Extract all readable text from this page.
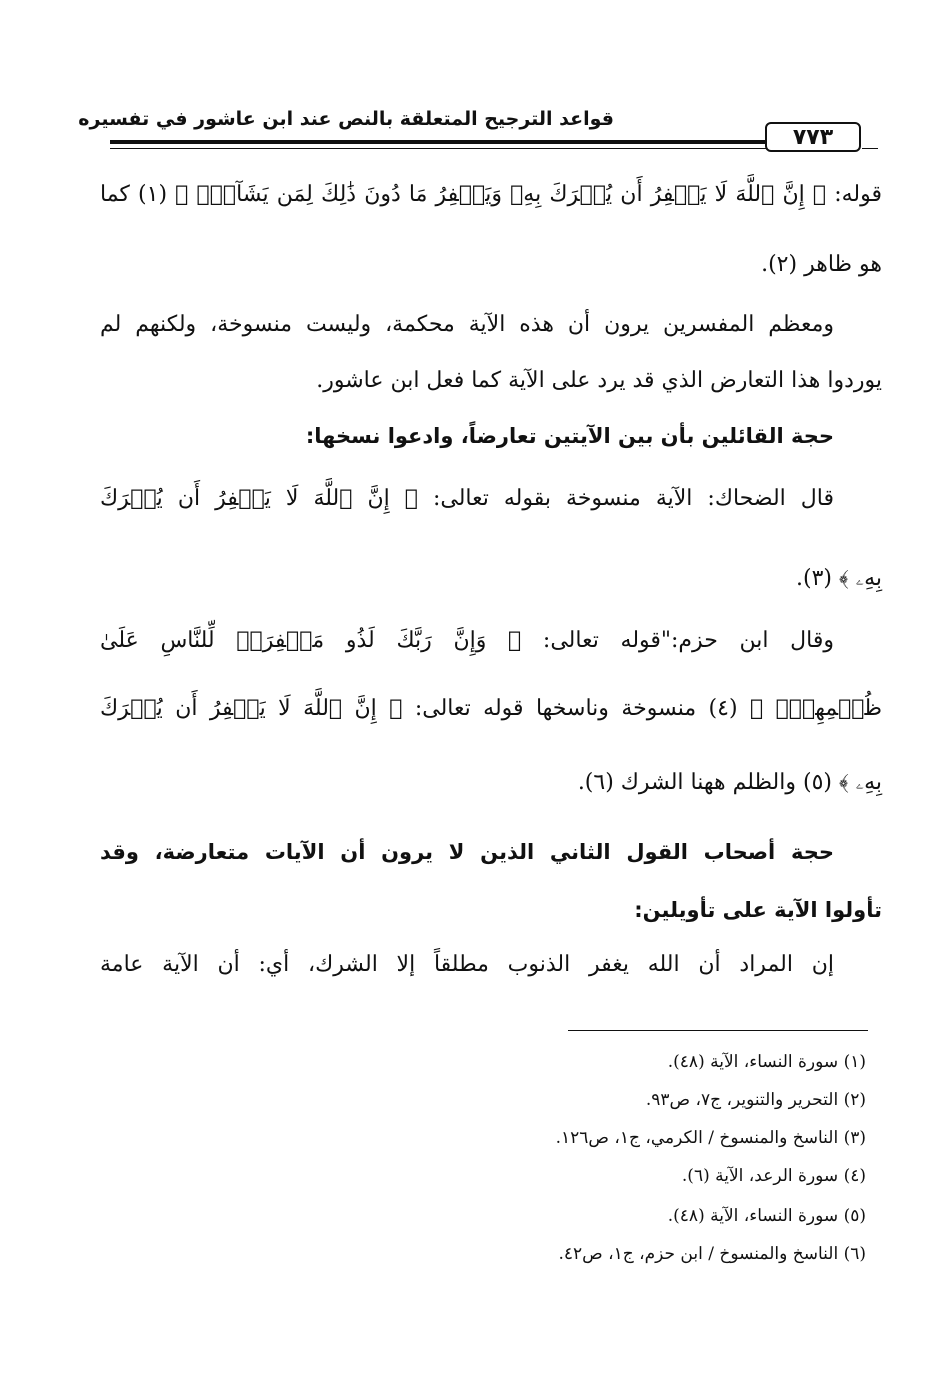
قواعد الترجيح المتعلقة بالنص عند ابن عاشور في تفسيره
٧٧٣
قوله: ﴿ إِنَّ ٱللَّهَ لَا يَغۡفِرُ أَن يُشۡرَكَ بِهِۦ وَيَغۡفِرُ مَا دُونَ ذَٰلِكَ لِمَن يَشَآءُۚ ﴾ (١) كما
هو ظاهر (٢).
ومعظم المفسرين يرون أن هذه الآية محكمة، وليست منسوخة، ولكنهم لم
يوردوا هذا التعارض الذي قد يرد على الآية كما فعل ابن عاشور.
حجة القائلين بأن بين الآيتين تعارضاً، وادعوا نسخها:
قال الضحاك: الآية منسوخة بقوله تعالى: ﴿ إِنَّ ٱللَّهَ لَا يَغۡفِرُ أَن يُشۡرَكَ
بِهِۦ ﴾ (٣).
وقال ابن حزم:"قوله تعالى: ﴿ وَإِنَّ رَبَّكَ لَذُو مَغۡفِرَةٖ لِّلنَّاسِ عَلَىٰ
ظُلۡمِهِمۡۖ ﴾ (٤) منسوخة وناسخها قوله تعالى: ﴿ إِنَّ ٱللَّهَ لَا يَغۡفِرُ أَن يُشۡرَكَ
بِهِۦ ﴾ (٥) والظلم ههنا الشرك (٦).
حجة أصحاب القول الثاني الذين لا يرون أن الآيات متعارضة، وقد
تأولوا الآية على تأويلين:
إن المراد أن الله يغفر الذنوب مطلقاً إلا الشرك، أي: أن الآية عامة
(١) سورة النساء، الآية (٤٨).
(٢) التحرير والتنوير، ج٧، ص٩٣.
(٣) الناسخ والمنسوخ / الكرمي، ج١، ص١٢٦.
(٤) سورة الرعد، الآية (٦).
(٥) سورة النساء، الآية (٤٨).
(٦) الناسخ والمنسوخ / ابن حزم، ج١، ص٤٢.
